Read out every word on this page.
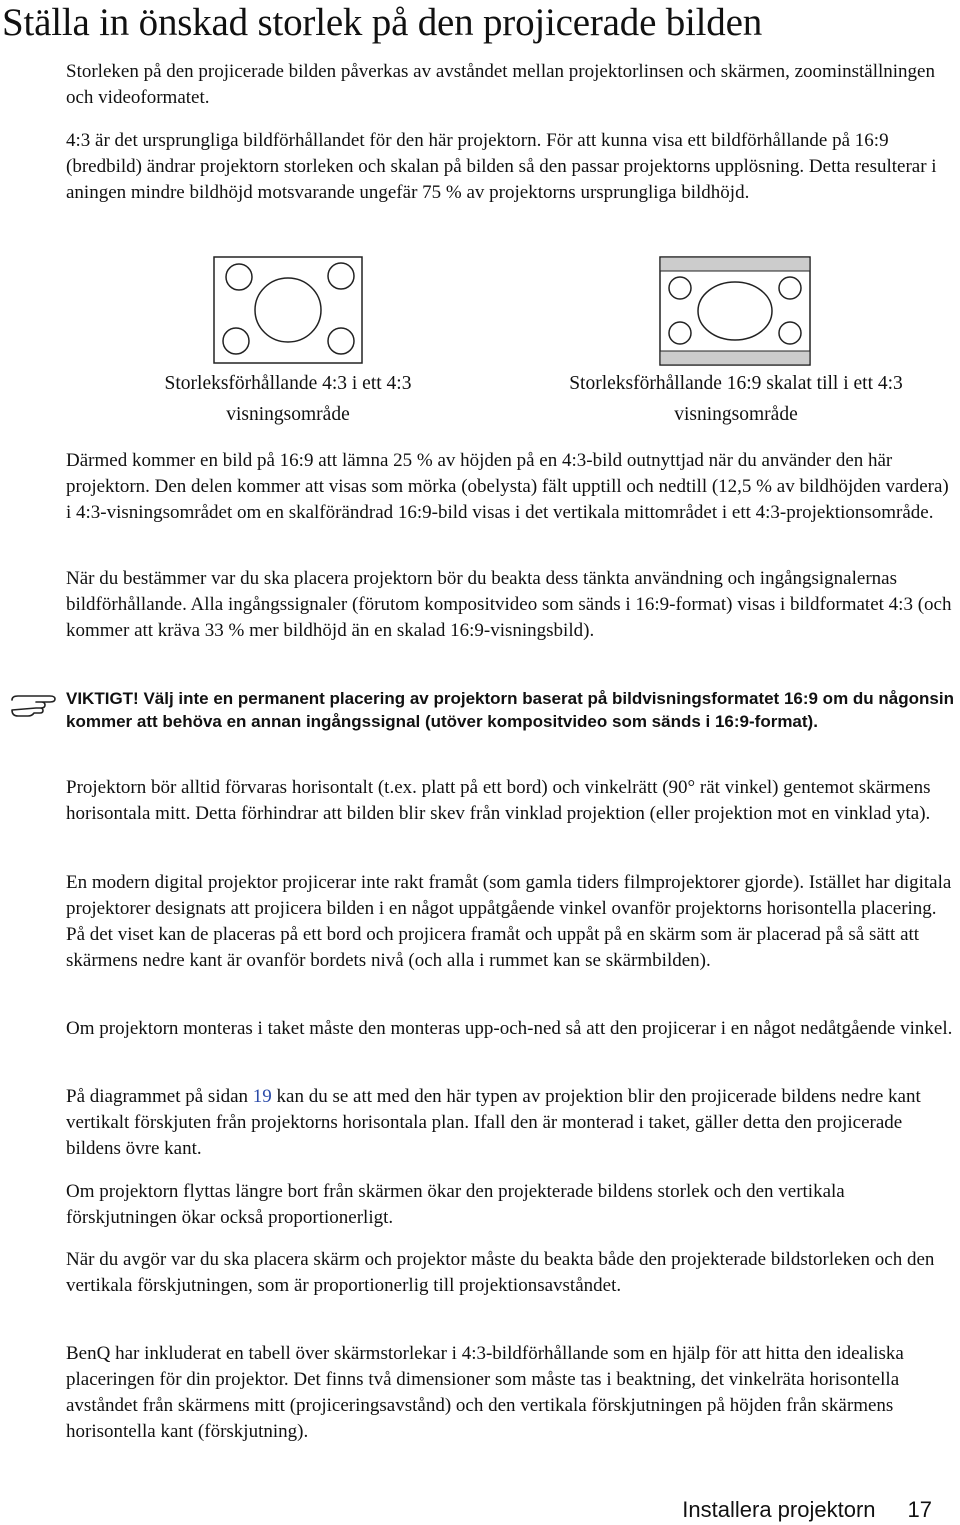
Ställa in önskad storlek på den projicerade bilden

Storleken på den projicerade bilden påverkas av avståndet mellan projektorlinsen och skärmen, zoominställningen och videoformatet.

4:3 är det ursprungliga bildförhållandet för den här projektorn. För att kunna visa ett bildförhållande på 16:9 (bredbild) ändrar projektorn storleken och skalan på bilden så den passar projektorns upplösning. Detta resulterar i aningen mindre bildhöjd motsvarande ungefär 75 % av projektorns ursprungliga bildhöjd.

Storleksförhållande 4:3 i ett 4:3
visningsområde
Storleksförhållande 16:9 skalat till i ett 4:3
visningsområde

Därmed kommer en bild på 16:9 att lämna 25 % av höjden på en 4:3-bild outnyttjad när du använder den här projektorn. Den delen kommer att visas som mörka (obelysta) fält upptill och nedtill (12,5 % av bildhöjden vardera) i 4:3-visningsområdet om en skalförändrad 16:9-bild visas i det vertikala mittområdet i ett 4:3-projektionsområde.

När du bestämmer var du ska placera projektorn bör du beakta dess tänkta användning och ingångsignalernas bildförhållande. Alla ingångssignaler (förutom kompositvideo som sänds i 16:9-format) visas i bildformatet 4:3 (och kommer att kräva 33 % mer bildhöjd än en skalad 16:9-visningsbild).

VIKTIGT! Välj inte en permanent placering av projektorn baserat på bildvisningsformatet 16:9 om du någonsin kommer att behöva en annan ingångssignal (utöver kompositvideo som sänds i 16:9-format).

Projektorn bör alltid förvaras horisontalt (t.ex. platt på ett bord) och vinkelrätt (90° rät vinkel) gentemot skärmens horisontala mitt. Detta förhindrar att bilden blir skev från vinklad projektion (eller projektion mot en vinklad yta).

En modern digital projektor projicerar inte rakt framåt (som gamla tiders filmprojektorer gjorde). Istället har digitala projektorer designats att projicera bilden i en något uppåtgående vinkel ovanför projektorns horisontella placering. På det viset kan de placeras på ett bord och projicera framåt och uppåt på en skärm som är placerad på så sätt att skärmens nedre kant är ovanför bordets nivå (och alla i rummet kan se skärmbilden).

Om projektorn monteras i taket måste den monteras upp-och-ned så att den projicerar i en något nedåtgående vinkel.

På diagrammet på sidan 19 kan du se att med den här typen av projektion blir den projicerade bildens nedre kant vertikalt förskjuten från projektorns horisontala plan. Ifall den är monterad i taket, gäller detta den projicerade bildens övre kant.

Om projektorn flyttas längre bort från skärmen ökar den projekterade bildens storlek och den vertikala förskjutningen ökar också proportionerligt.

När du avgör var du ska placera skärm och projektor måste du beakta både den projekterade bildstorleken och den vertikala förskjutningen, som är proportionerlig till projektionsavståndet.

BenQ har inkluderat en tabell över skärmstorlekar i 4:3-bildförhållande som en hjälp för att hitta den idealiska placeringen för din projektor. Det finns två dimensioner som måste tas i beaktning, det vinkelräta horisontella avståndet från skärmens mitt (projiceringsavstånd) och den vertikala förskjutningen på höjden från skärmens horisontella kant (förskjutning).

Installera projektorn 17
